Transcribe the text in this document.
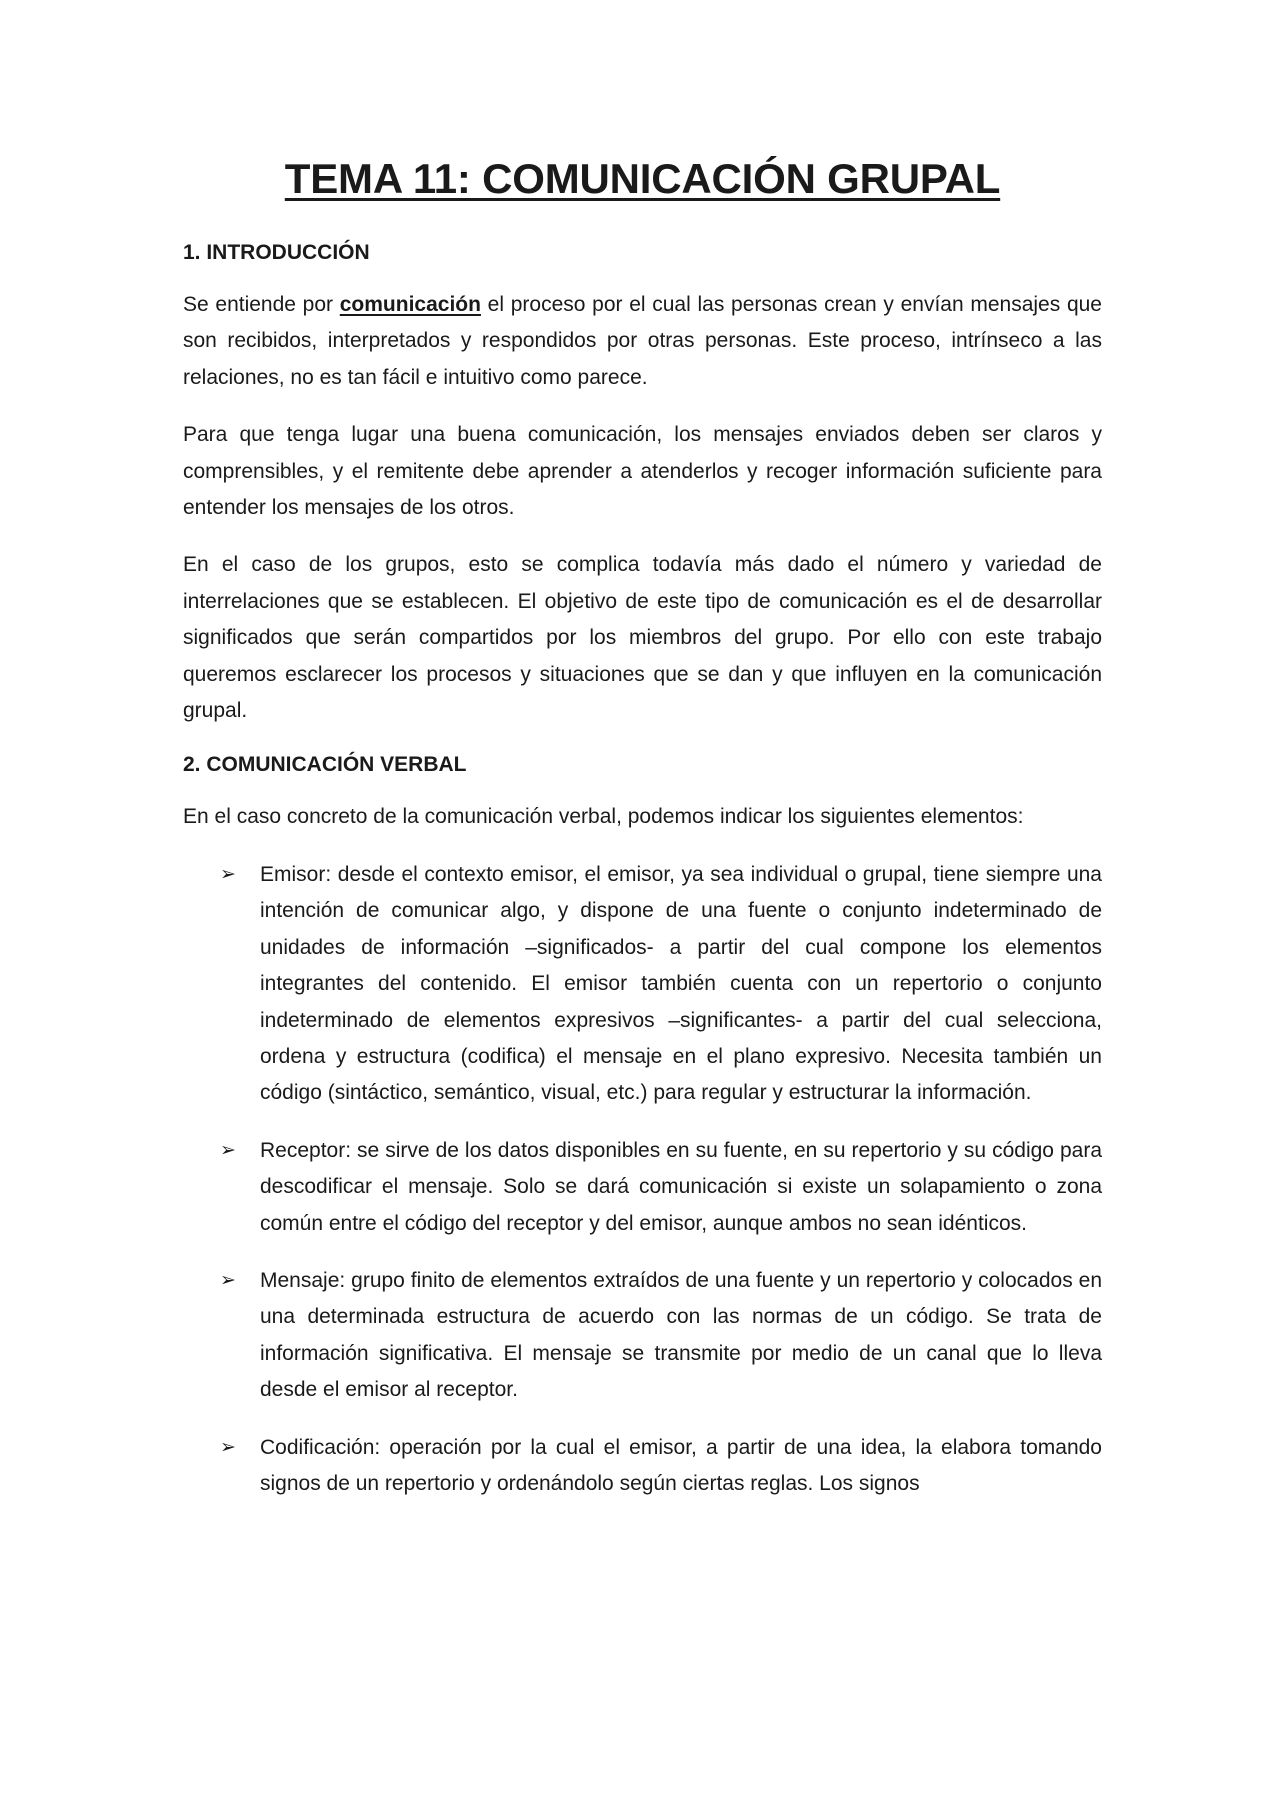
TEMA 11: COMUNICACIÓN GRUPAL
1. INTRODUCCIÓN

Se entiende por comunicación el proceso por el cual las personas crean y envían mensajes que son recibidos, interpretados y respondidos por otras personas. Este proceso, intrínseco a las relaciones, no es tan fácil e intuitivo como parece.

Para que tenga lugar una buena comunicación, los mensajes enviados deben ser claros y comprensibles, y el remitente debe aprender a atenderlos y recoger información suficiente para entender los mensajes de los otros.

En el caso de los grupos, esto se complica todavía más dado el número y variedad de interrelaciones que se establecen. El objetivo de este tipo de comunicación es el de desarrollar significados que serán compartidos por los miembros del grupo. Por ello con este trabajo queremos esclarecer los procesos y situaciones que se dan y que influyen en la comunicación grupal.

2. COMUNICACIÓN VERBAL

En el caso concreto de la comunicación verbal, podemos indicar los siguientes elementos:

➢ Emisor: desde el contexto emisor, el emisor, ya sea individual o grupal, tiene siempre una intención de comunicar algo, y dispone de una fuente o conjunto indeterminado de unidades de información –significados- a partir del cual compone los elementos integrantes del contenido. El emisor también cuenta con un repertorio o conjunto indeterminado de elementos expresivos –significantes- a partir del cual selecciona, ordena y estructura (codifica) el mensaje en el plano expresivo. Necesita también un código (sintáctico, semántico, visual, etc.) para regular y estructurar la información.
➢ Receptor: se sirve de los datos disponibles en su fuente, en su repertorio y su código para descodificar el mensaje. Solo se dará comunicación si existe un solapamiento o zona común entre el código del receptor y del emisor, aunque ambos no sean idénticos.
➢ Mensaje: grupo finito de elementos extraídos de una fuente y un repertorio y colocados en una determinada estructura de acuerdo con las normas de un código. Se trata de información significativa. El mensaje se transmite por medio de un canal que lo lleva desde el emisor al receptor.
➢ Codificación: operación por la cual el emisor, a partir de una idea, la elabora tomando signos de un repertorio y ordenándolo según ciertas reglas. Los signos
